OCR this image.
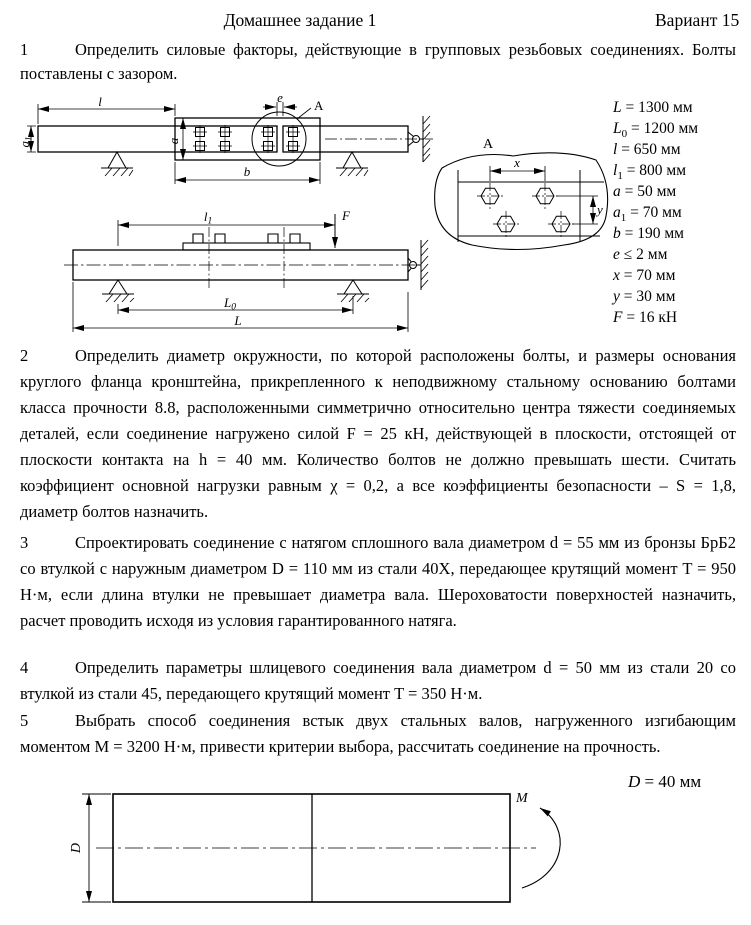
Домашнее задание 1	Вариант 15

1	Определить силовые факторы, действующие в групповых резьбовых соединениях. Болты поставлены с зазором.

l	e
a
a1
b
A
l1	F
L0
L
A
x
y
L = 1300 мм
$L_0 = 1200$ мм
l = 650 мм
$l_1 = 800$ мм
a = 50 мм
$a_1 = 70$ мм
b = 190 мм
e ≤ 2 мм
x = 70 мм
y = 30 мм
F = 16 кН

2	Определить диаметр окружности, по которой расположены болты, и размеры основания круглого фланца кронштейна, прикрепленного к неподвижному стальному основанию болтами класса прочности 8.8, расположенными симметрично относительно центра тяжести соединяемых деталей, если соединение нагружено силой F = 25 кН, действующей в плоскости, отстоящей от плоскости контакта на h = 40 мм. Количество болтов не должно превышать шести. Считать коэффициент основной нагрузки равным χ = 0,2, а все коэффициенты безопасности – S = 1,8, диаметр болтов назначить.

3	Спроектировать соединение с натягом сплошного вала диаметром d = 55 мм из бронзы БрБ2 со втулкой с наружным диаметром D = 110 мм из стали 40Х, передающее крутящий момент T = 950 Н·м, если длина втулки не превышает диаметра вала. Шероховатости поверхностей назначить, расчет проводить исходя из условия гарантированного натяга.

4	Определить параметры шлицевого соединения вала диаметром d = 50 мм из стали 20 со втулкой из стали 45, передающего крутящий момент T = 350 Н·м.

5	Выбрать способ соединения встык двух стальных валов, нагруженного изгибающим моментом M = 3200 Н·м, привести критерии выбора, рассчитать соединение на прочность.

D = 40 мм
D
M
